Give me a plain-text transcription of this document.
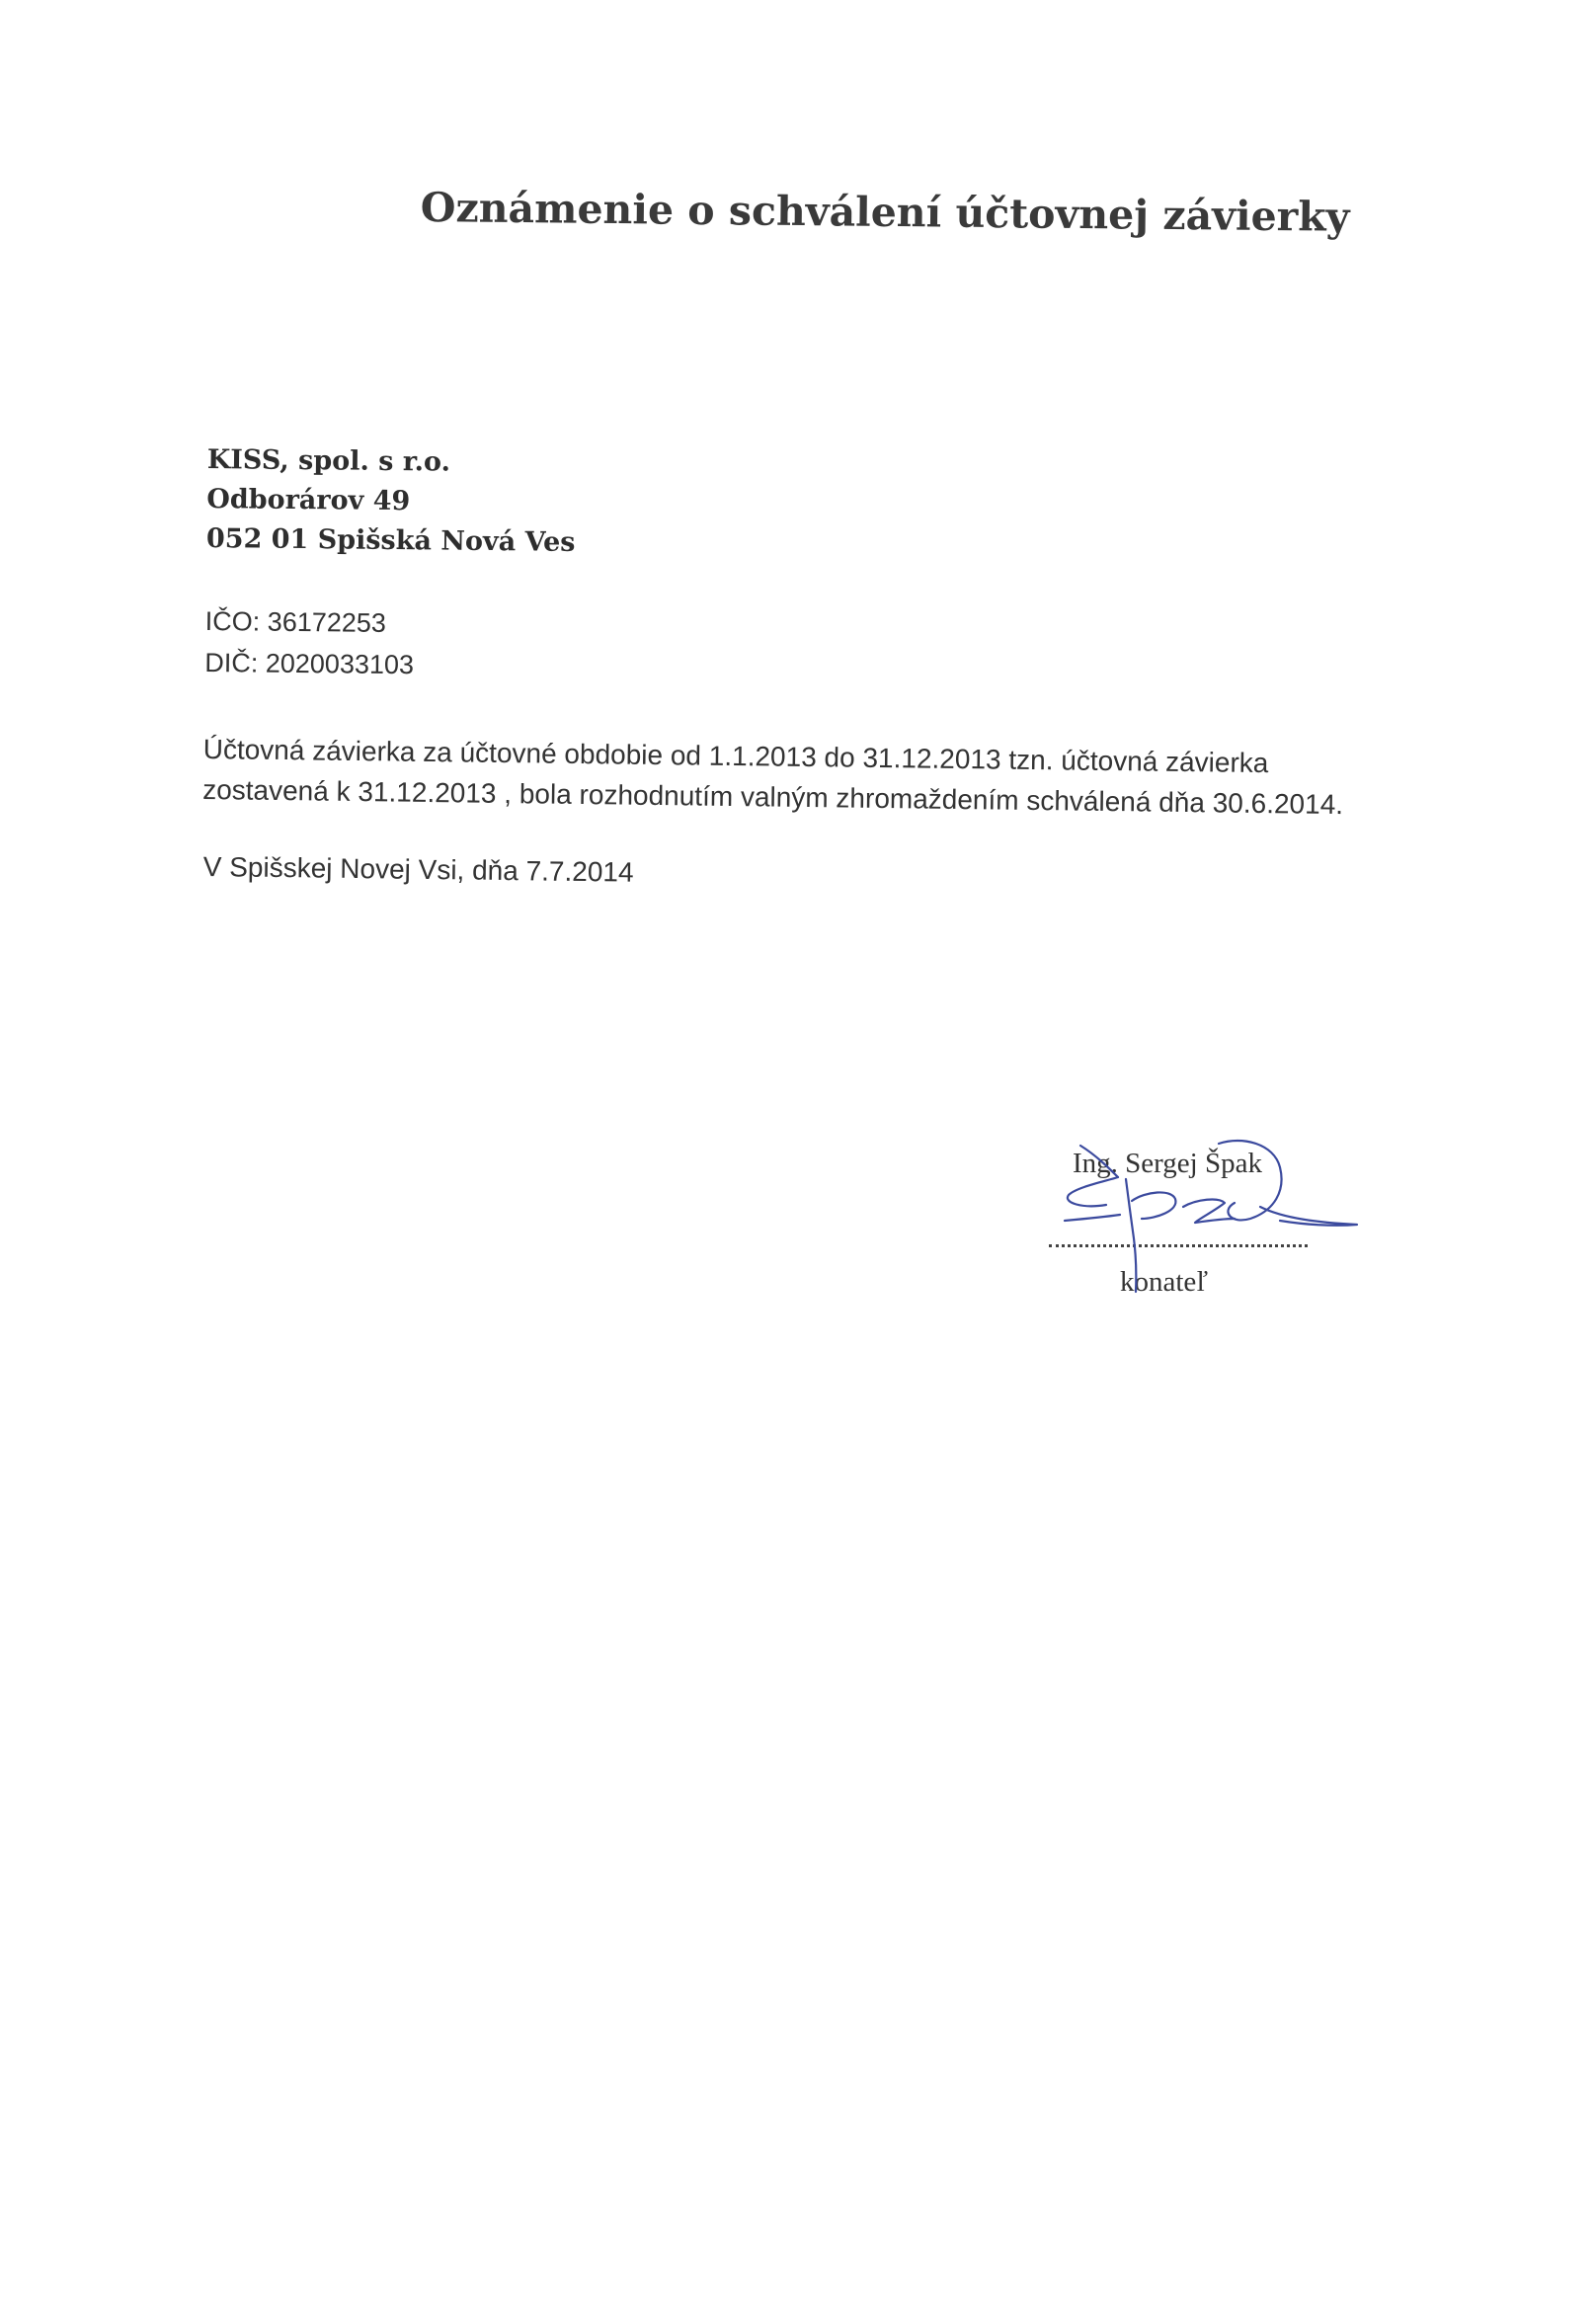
Oznámenie o schválení účtovnej závierky
KISS, spol. s r.o.
Odborárov 49
052 01 Spišská Nová Ves
IČO: 36172253
DIČ: 2020033103
Účtovná závierka za účtovné obdobie od 1.1.2013 do 31.12.2013 tzn. účtovná závierka
zostavená k 31.12.2013 , bola rozhodnutím valným zhromaždením schválená dňa 30.6.2014.
V Spišskej Novej Vsi, dňa 7.7.2014
Ing. Sergej Špak
konateľ
